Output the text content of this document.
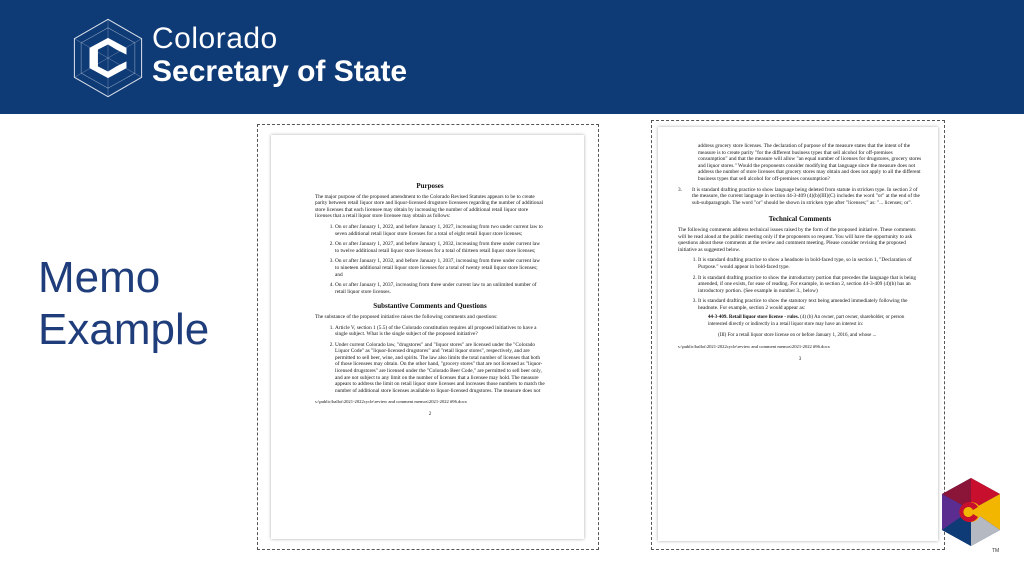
Colorado
Secretary of State
Memo
Example
Purposes

The major purpose of the proposed amendment to the Colorado Revised Statutes appears to be to create parity between retail liquor store and liquor-licensed drugstore licensees regarding the number of additional store licenses that each licensee may obtain by increasing the number of additional retail liquor store licenses that a retail liquor store licensee may obtain as follows:

1. On or after January 1, 2022, and before January 1, 2027, increasing from two under current law to seven additional retail liquor store licenses for a total of eight retail liquor store licenses;
2. On or after January 1, 2027, and before January 1, 2032, increasing from three under current law to twelve additional retail liquor store licenses for a total of thirteen retail liquor store licenses;
3. On or after January 1, 2032, and before January 1, 2037, increasing from three under current law to nineteen additional retail liquor store licenses for a total of twenty retail liquor store licenses; and
4. On or after January 1, 2037, increasing from three under current law to an unlimited number of retail liquor store licenses.
Substantive Comments and Questions

The substance of the proposed initiative raises the following comments and questions:

1. Article V, section 1 (5.5) of the Colorado constitution requires all proposed initiatives to have a single subject. What is the single subject of the proposed initiative?
2. Under current Colorado law, "drugstores" and "liquor stores" are licensed under the "Colorado Liquor Code" as "liquor-licensed drugstores" and "retail liquor stores", respectively, and are permitted to sell beer, wine, and spirits. The law also limits the total number of licenses that both of those licensees may obtain. On the other hand, "grocery stores" that are not licensed as "liquor-licensed drugstores" are licensed under the "Colorado Beer Code," are permitted to sell beer only, and are not subject to any limit on the number of licenses that a licensee may hold. The measure appears to address the limit on retail liquor store licenses and increases those numbers to match the number of additional store licenses available to liquor-licensed drugstores. The measure does not
s:\public\ballot\2021-2022cycle\review and comment memos\2021-2022 #96.docx
2

address grocery store licenses. The declaration of purpose of the measure states that the intent of the measure is to create parity "for the different business types that sell alcohol for off-premises consumption" and that the measure will allow "an equal number of licenses for drugstores, grocery stores and liquor stores." Would the proponents consider modifying that language since the measure does not address the number of store licenses that grocery stores may obtain and does not apply to all the different business types that sell alcohol for off-premises consumption?

3.	It is standard drafting practice to show language being deleted from statute in stricken type. In section 2 of the measure, the current language in section 44-3-409 (4)(b)(III)(C) includes the word "or" at the end of the sub-subparagraph. The word "or" should be shown in stricken type after "licenses;" as: "... licenses; or".
Technical Comments

The following comments address technical issues raised by the form of the proposed initiative. These comments will be read aloud at the public meeting only if the proponents so request. You will have the opportunity to ask questions about these comments at the review and comment meeting. Please consider revising the proposed initiative as suggested below.

1. It is standard drafting practice to show a headnote in bold-faced type, so in section 1, "Declaration of Purpose." would appear in bold-faced type.
2. It is standard drafting practice to show the introductory portion that precedes the language that is being amended, if one exists, for ease of reading. For example, in section 2, section 44-3-409 (4)(b) has an introductory portion. (See example in number 3., below)
3. It is standard drafting practice to show the statutory text being amended immediately following the headnote. For example, section 2 would appear as:

44-3-409. Retail liquor store license - rules. (4) (b) An owner, part owner, shareholder, or person interested directly or indirectly in a retail liquor store may have an interest in:

(III) For a retail liquor store license on or before January 1, 2016, and whose ...

s:\public\ballot\2021-2022cycle\review and comment memos\2021-2022 #96.docx
3
TM
